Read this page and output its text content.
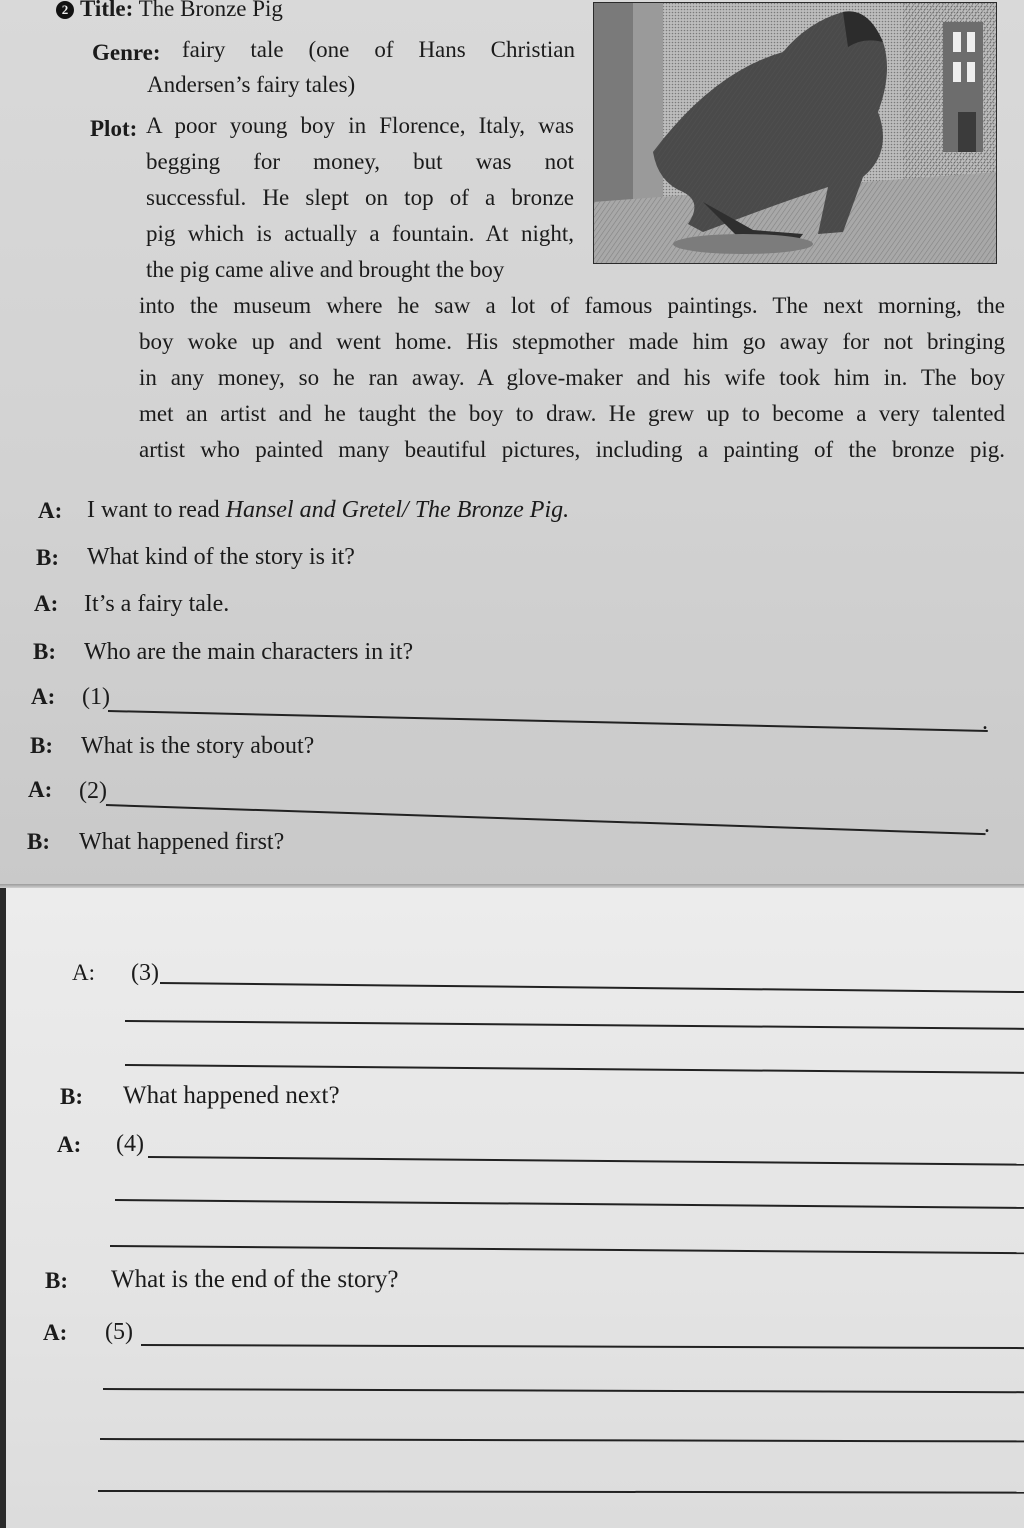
2 Title: The Bronze Pig
Genre: fairy tale (one of Hans Christian
Andersen’s fairy tales)
Plot: A poor young boy in Florence, Italy, was
begging for money, but was not
successful. He slept on top of a bronze
pig which is actually a fountain. At night,
the pig came alive and brought the boy
into the museum where he saw a lot of famous paintings. The next morning, the
boy woke up and went home. His stepmother made him go away for not bringing
in any money, so he ran away. A glove-maker and his wife took him in. The boy
met an artist and he taught the boy to draw. He grew up to become a very talented
artist who painted many beautiful pictures, including a painting of the bronze pig.
A: I want to read Hansel and Gretel/ The Bronze Pig.
B: What kind of the story is it?
A: It’s a fairy tale.
B: Who are the main characters in it?
A: (1)
.
B: What is the story about?
A: (2)
.
B: What happened first?
A: (3)
B: What happened next?
A: (4)
B: What is the end of the story?
A: (5)
